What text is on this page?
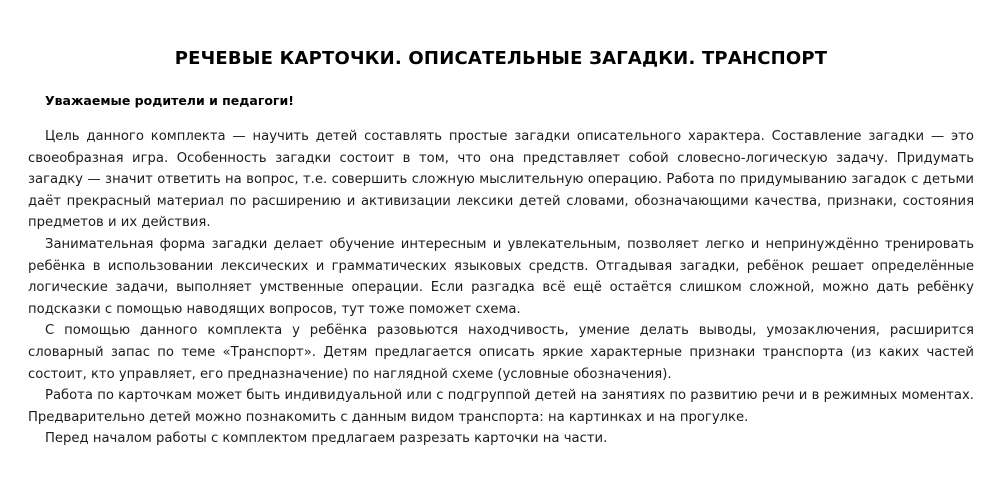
РЕЧЕВЫЕ КАРТОЧКИ. ОПИСАТЕЛЬНЫЕ ЗАГАДКИ. ТРАНСПОРТ
Уважаемые родители и педагоги!

Цель данного комплекта — научить детей составлять простые загадки описательного характера. Составление загадки — это своеобразная игра. Особенность загадки состоит в том, что она представляет собой словесно-логическую задачу. Придумать загадку — значит ответить на вопрос, т.е. совершить сложную мыслительную операцию. Работа по придумыванию загадок с детьми даёт прекрасный материал по расширению и активизации лексики детей словами, обозначающими качества, признаки, состояния предметов и их действия.

Занимательная форма загадки делает обучение интересным и увлекательным, позволяет легко и непринуждённо тренировать ребёнка в использовании лексических и грамматических языковых средств. Отгадывая загадки, ребёнок решает определённые логические задачи, выполняет умственные операции. Если разгадка всё ещё остаётся слишком сложной, можно дать ребёнку подсказки с помощью наводящих вопросов, тут тоже поможет схема.

С помощью данного комплекта у ребёнка разовьются находчивость, умение делать выводы, умозаключения, расширится словарный запас по теме «Транспорт». Детям предлагается описать яркие характерные признаки транспорта (из каких частей состоит, кто управляет, его предназначение) по наглядной схеме (условные обозначения).

Работа по карточкам может быть индивидуальной или с подгруппой детей на занятиях по развитию речи и в режимных моментах. Предварительно детей можно познакомить с данным видом транспорта: на картинках и на прогулке.

Перед началом работы с комплектом предлагаем разрезать карточки на части.
